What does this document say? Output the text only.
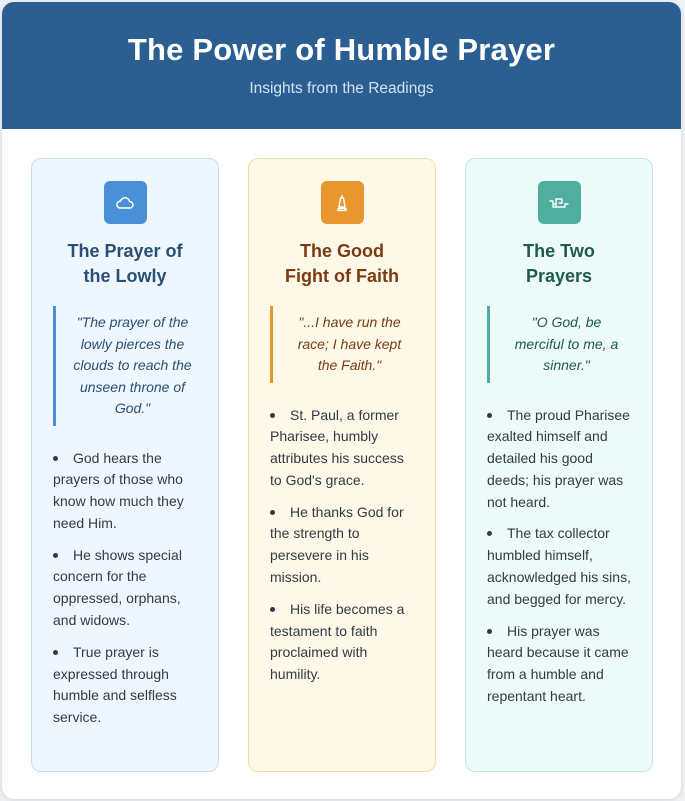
The Power of Humble Prayer
Insights from the Readings
The Prayer of the Lowly
"The prayer of the lowly pierces the clouds to reach the unseen throne of God."
God hears the prayers of those who know how much they need Him.
He shows special concern for the oppressed, orphans, and widows.
True prayer is expressed through humble and selfless service.
The Good Fight of Faith
"...I have run the race; I have kept the Faith."
St. Paul, a former Pharisee, humbly attributes his success to God's grace.
He thanks God for the strength to persevere in his mission.
His life becomes a testament to faith proclaimed with humility.
The Two Prayers
"O God, be merciful to me, a sinner."
The proud Pharisee exalted himself and detailed his good deeds; his prayer was not heard.
The tax collector humbled himself, acknowledged his sins, and begged for mercy.
His prayer was heard because it came from a humble and repentant heart.
